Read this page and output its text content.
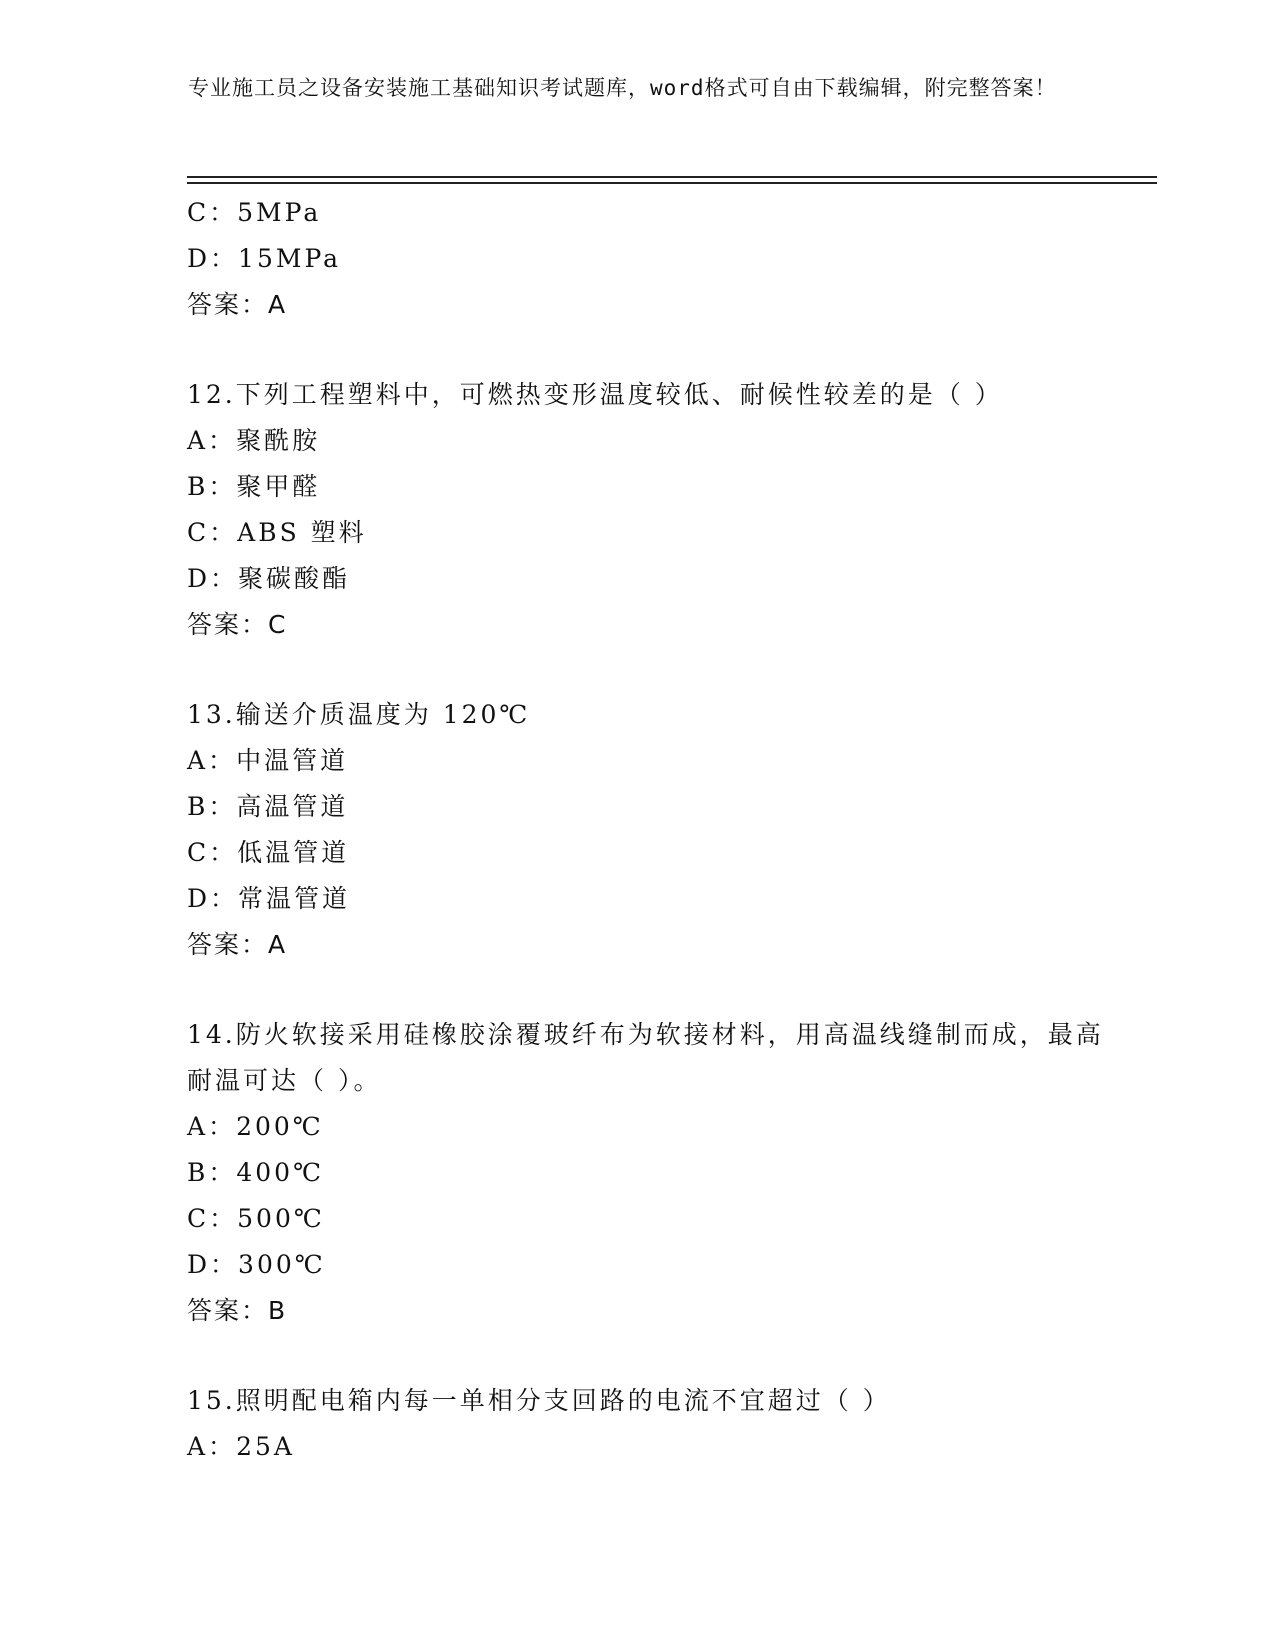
专业施工员之设备安装施工基础知识考试题库，word格式可自由下载编辑，附完整答案！
C：5MPa
D：15MPa
答案：A
12.下列工程塑料中，可燃热变形温度较低、耐候性较差的是（ ）
A：聚酰胺
B：聚甲醛
C：ABS 塑料
D：聚碳酸酯
答案：C
13.输送介质温度为 120℃
A：中温管道
B：高温管道
C：低温管道
D：常温管道
答案：A
14.防火软接采用硅橡胶涂覆玻纤布为软接材料，用高温线缝制而成，最高耐温可达（ ）。
A：200℃
B：400℃
C：500℃
D：300℃
答案：B
15.照明配电箱内每一单相分支回路的电流不宜超过（ ）
A：25A
